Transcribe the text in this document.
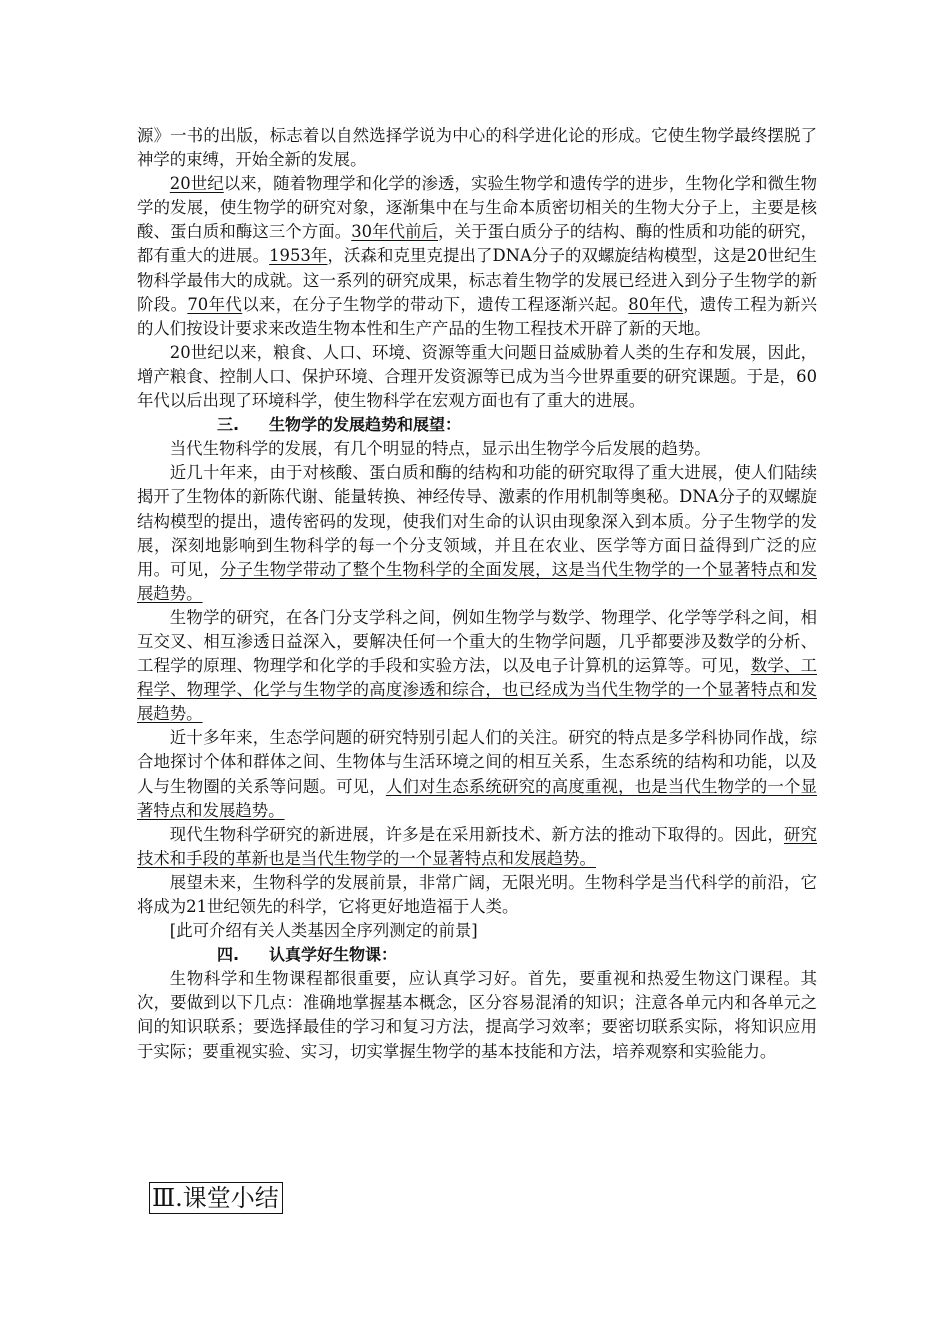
源》一书的出版，标志着以自然选择学说为中心的科学进化论的形成。它使生物学最终摆脱了神学的束缚，开始全新的发展。

20世纪以来，随着物理学和化学的渗透，实验生物学和遗传学的进步，生物化学和微生物学的发展，使生物学的研究对象，逐渐集中在与生命本质密切相关的生物大分子上，主要是核酸、蛋白质和酶这三个方面。30年代前后，关于蛋白质分子的结构、酶的性质和功能的研究，都有重大的进展。1953年，沃森和克里克提出了DNA分子的双螺旋结构模型，这是20世纪生物科学最伟大的成就。这一系列的研究成果，标志着生物学的发展已经进入到分子生物学的新阶段。70年代以来，在分子生物学的带动下，遗传工程逐渐兴起。80年代，遗传工程为新兴的人们按设计要求来改造生物本性和生产产品的生物工程技术开辟了新的天地。

20世纪以来，粮食、人口、环境、资源等重大问题日益威胁着人类的生存和发展，因此，增产粮食、控制人口、保护环境、合理开发资源等已成为当今世界重要的研究课题。于是，60年代以后出现了环境科学，使生物科学在宏观方面也有了重大的进展。

三. 生物学的发展趋势和展望：

当代生物科学的发展，有几个明显的特点，显示出生物学今后发展的趋势。

近几十年来，由于对核酸、蛋白质和酶的结构和功能的研究取得了重大进展，使人们陆续揭开了生物体的新陈代谢、能量转换、神经传导、激素的作用机制等奥秘。DNA分子的双螺旋结构模型的提出，遗传密码的发现，使我们对生命的认识由现象深入到本质。分子生物学的发展，深刻地影响到生物科学的每一个分支领域，并且在农业、医学等方面日益得到广泛的应用。可见，分子生物学带动了整个生物科学的全面发展，这是当代生物学的一个显著特点和发展趋势。

生物学的研究，在各门分支学科之间，例如生物学与数学、物理学、化学等学科之间，相互交叉、相互渗透日益深入，要解决任何一个重大的生物学问题，几乎都要涉及数学的分析、工程学的原理、物理学和化学的手段和实验方法，以及电子计算机的运算等。可见，数学、工程学、物理学、化学与生物学的高度渗透和综合，也已经成为当代生物学的一个显著特点和发展趋势。

近十多年来，生态学问题的研究特别引起人们的关注。研究的特点是多学科协同作战，综合地探讨个体和群体之间、生物体与生活环境之间的相互关系，生态系统的结构和功能，以及人与生物圈的关系等问题。可见，人们对生态系统研究的高度重视，也是当代生物学的一个显著特点和发展趋势。

现代生物科学研究的新进展，许多是在采用新技术、新方法的推动下取得的。因此，研究技术和手段的革新也是当代生物学的一个显著特点和发展趋势。

展望未来，生物科学的发展前景，非常广阔，无限光明。生物科学是当代科学的前沿，它将成为21世纪领先的科学，它将更好地造福于人类。

[此可介绍有关人类基因全序列测定的前景]

四. 认真学好生物课：

生物科学和生物课程都很重要，应认真学习好。首先，要重视和热爱生物这门课程。其次，要做到以下几点：准确地掌握基本概念，区分容易混淆的知识；注意各单元内和各单元之间的知识联系；要选择最佳的学习和复习方法，提高学习效率；要密切联系实际，将知识应用于实际；要重视实验、实习，切实掌握生物学的基本技能和方法，培养观察和实验能力。

Ⅲ.课堂小结
